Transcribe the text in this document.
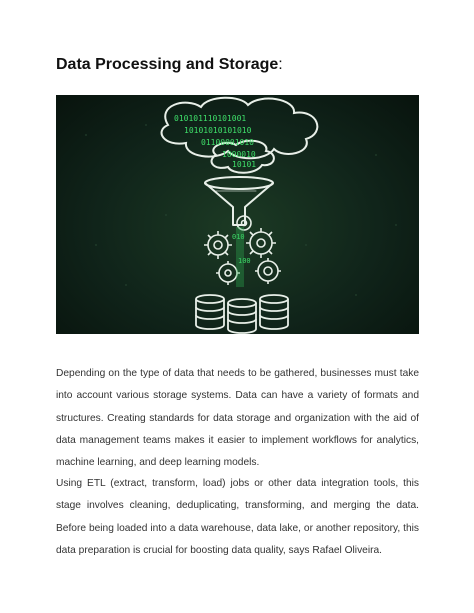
Data Processing and Storage:
010101110101001
10101010101010
01100001010
1000010
10101
010
100

Depending on the type of data that needs to be gathered, businesses must take into account various storage systems. Data can have a variety of formats and structures. Creating standards for data storage and organization with the aid of data management teams makes it easier to implement workflows for analytics, machine learning, and deep learning models.

Using ETL (extract, transform, load) jobs or other data integration tools, this stage involves cleaning, deduplicating, transforming, and merging the data. Before being loaded into a data warehouse, data lake, or another repository, this data preparation is crucial for boosting data quality, says Rafael Oliveira.
